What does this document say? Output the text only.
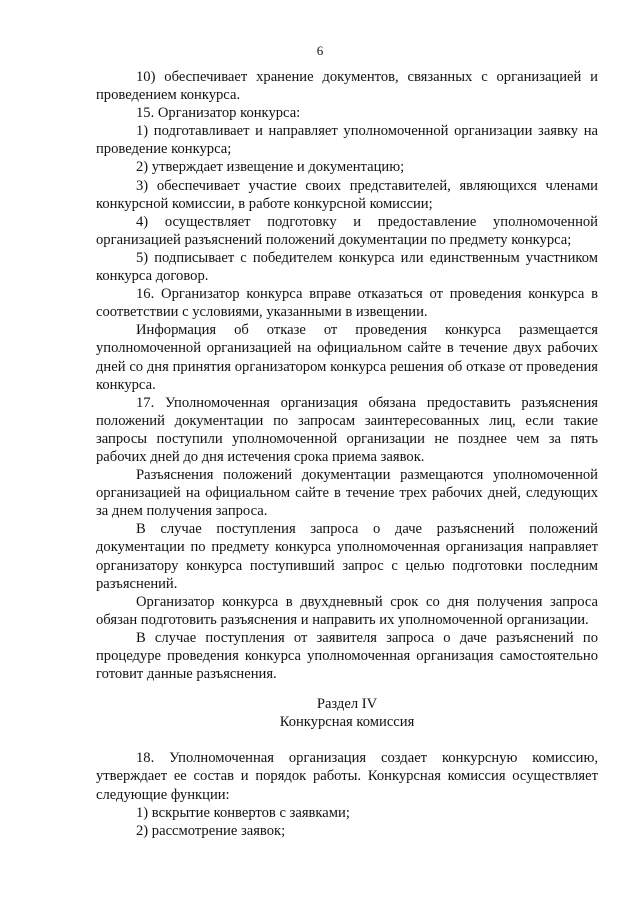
6

10) обеспечивает хранение документов, связанных с организацией и проведением конкурса.

15. Организатор конкурса:

1) подготавливает и направляет уполномоченной организации заявку на проведение конкурса;

2) утверждает извещение и документацию;

3) обеспечивает участие своих представителей, являющихся членами конкурсной комиссии, в работе конкурсной комиссии;

4) осуществляет подготовку и предоставление уполномоченной организацией разъяснений положений документации по предмету конкурса;

5) подписывает с победителем конкурса или единственным участником конкурса договор.

16. Организатор конкурса вправе отказаться от проведения конкурса в соответствии с условиями, указанными в извещении.

Информация об отказе от проведения конкурса размещается уполномоченной организацией на официальном сайте в течение двух рабочих дней со дня принятия организатором конкурса решения об отказе от проведения конкурса.

17. Уполномоченная организация обязана предоставить разъяснения положений документации по запросам заинтересованных лиц, если такие запросы поступили уполномоченной организации не позднее чем за пять рабочих дней до дня истечения срока приема заявок.

Разъяснения положений документации размещаются уполномоченной организацией на официальном сайте в течение трех рабочих дней, следующих за днем получения запроса.

В случае поступления запроса о даче разъяснений положений документации по предмету конкурса уполномоченная организация направляет организатору конкурса поступивший запрос с целью подготовки последним разъяснений.

Организатор конкурса в двухдневный срок со дня получения запроса обязан подготовить разъяснения и направить их уполномоченной организации.

В случае поступления от заявителя запроса о даче разъяснений по процедуре проведения конкурса уполномоченная организация самостоятельно готовит данные разъяснения.

Раздел IV
Конкурсная комиссия

18. Уполномоченная организация создает конкурсную комиссию, утверждает ее состав и порядок работы. Конкурсная комиссия осуществляет следующие функции:

1) вскрытие конвертов с заявками;

2) рассмотрение заявок;
